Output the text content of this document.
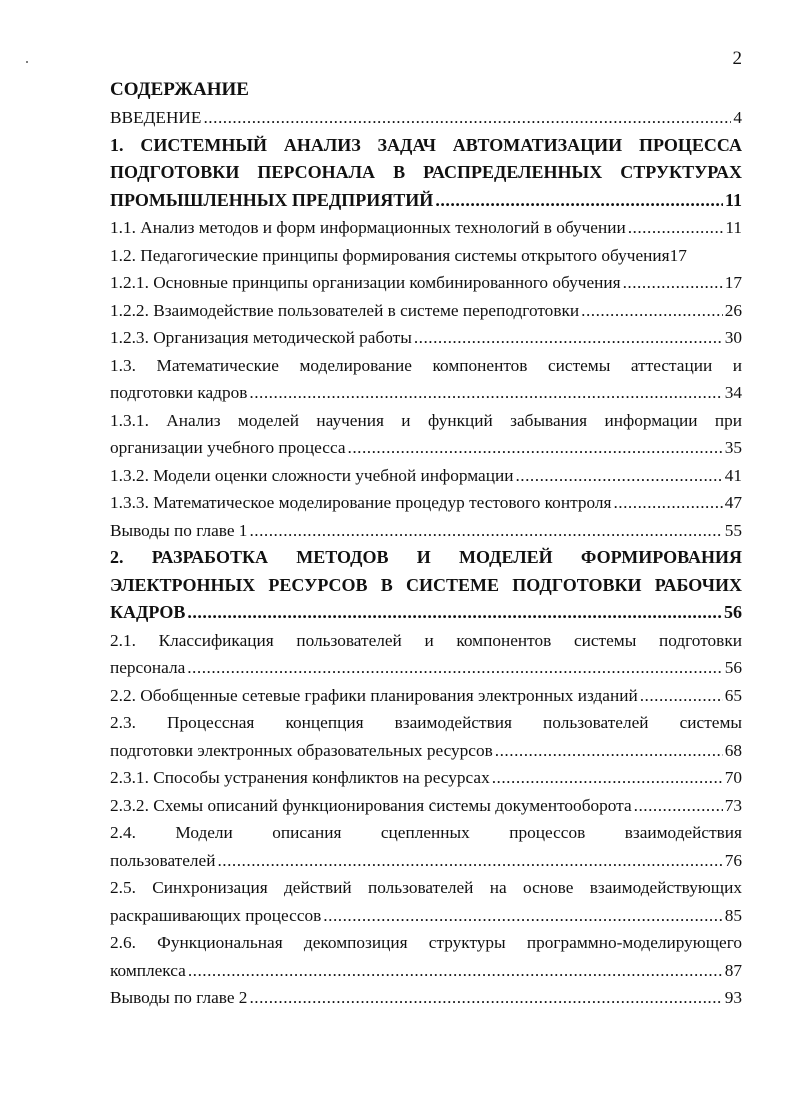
2
СОДЕРЖАНИЕ
ВВЕДЕНИЕ .....	4
1. СИСТЕМНЫЙ АНАЛИЗ ЗАДАЧ АВТОМАТИЗАЦИИ ПРОЦЕССА
ПОДГОТОВКИ ПЕРСОНАЛА В РАСПРЕДЕЛЕННЫХ СТРУКТУРАХ
ПРОМЫШЛЕННЫХ ПРЕДПРИЯТИЙ .....	11
1.1. Анализ методов и форм информационных технологий в обучении .....	11
1.2. Педагогические принципы формирования системы открытого обучения 17
1.2.1. Основные принципы организации комбинированного обучения .....	17
1.2.2. Взаимодействие пользователей в системе переподготовки .....	26
1.2.3. Организация методической работы .....	30
1.3. Математические моделирование компонентов системы аттестации и
подготовки кадров .....	34
1.3.1. Анализ моделей научения и функций забывания информации при
организации учебного процесса .....	35
1.3.2. Модели оценки сложности учебной информации .....	41
1.3.3. Математическое моделирование процедур тестового контроля .....	47
Выводы по главе 1 .....	55
2. РАЗРАБОТКА МЕТОДОВ И МОДЕЛЕЙ ФОРМИРОВАНИЯ
ЭЛЕКТРОННЫХ РЕСУРСОВ В СИСТЕМЕ ПОДГОТОВКИ РАБОЧИХ
КАДРОВ .....	56
2.1. Классификация пользователей и компонентов системы подготовки
персонала .....	56
2.2. Обобщенные сетевые графики планирования электронных изданий .....	65
2.3. Процессная концепция взаимодействия пользователей системы
подготовки электронных образовательных ресурсов .....	68
2.3.1. Способы устранения конфликтов на ресурсах .....	70
2.3.2. Схемы описаний функционирования системы документооборота .....	73
2.4. Модели описания сцепленных процессов взаимодействия
пользователей .....	76
2.5. Синхронизация действий пользователей на основе взаимодействующих
раскрашивающих процессов .....	85
2.6. Функциональная декомпозиция структуры программно-моделирующего
комплекса .....	87
Выводы по главе 2 .....	93
